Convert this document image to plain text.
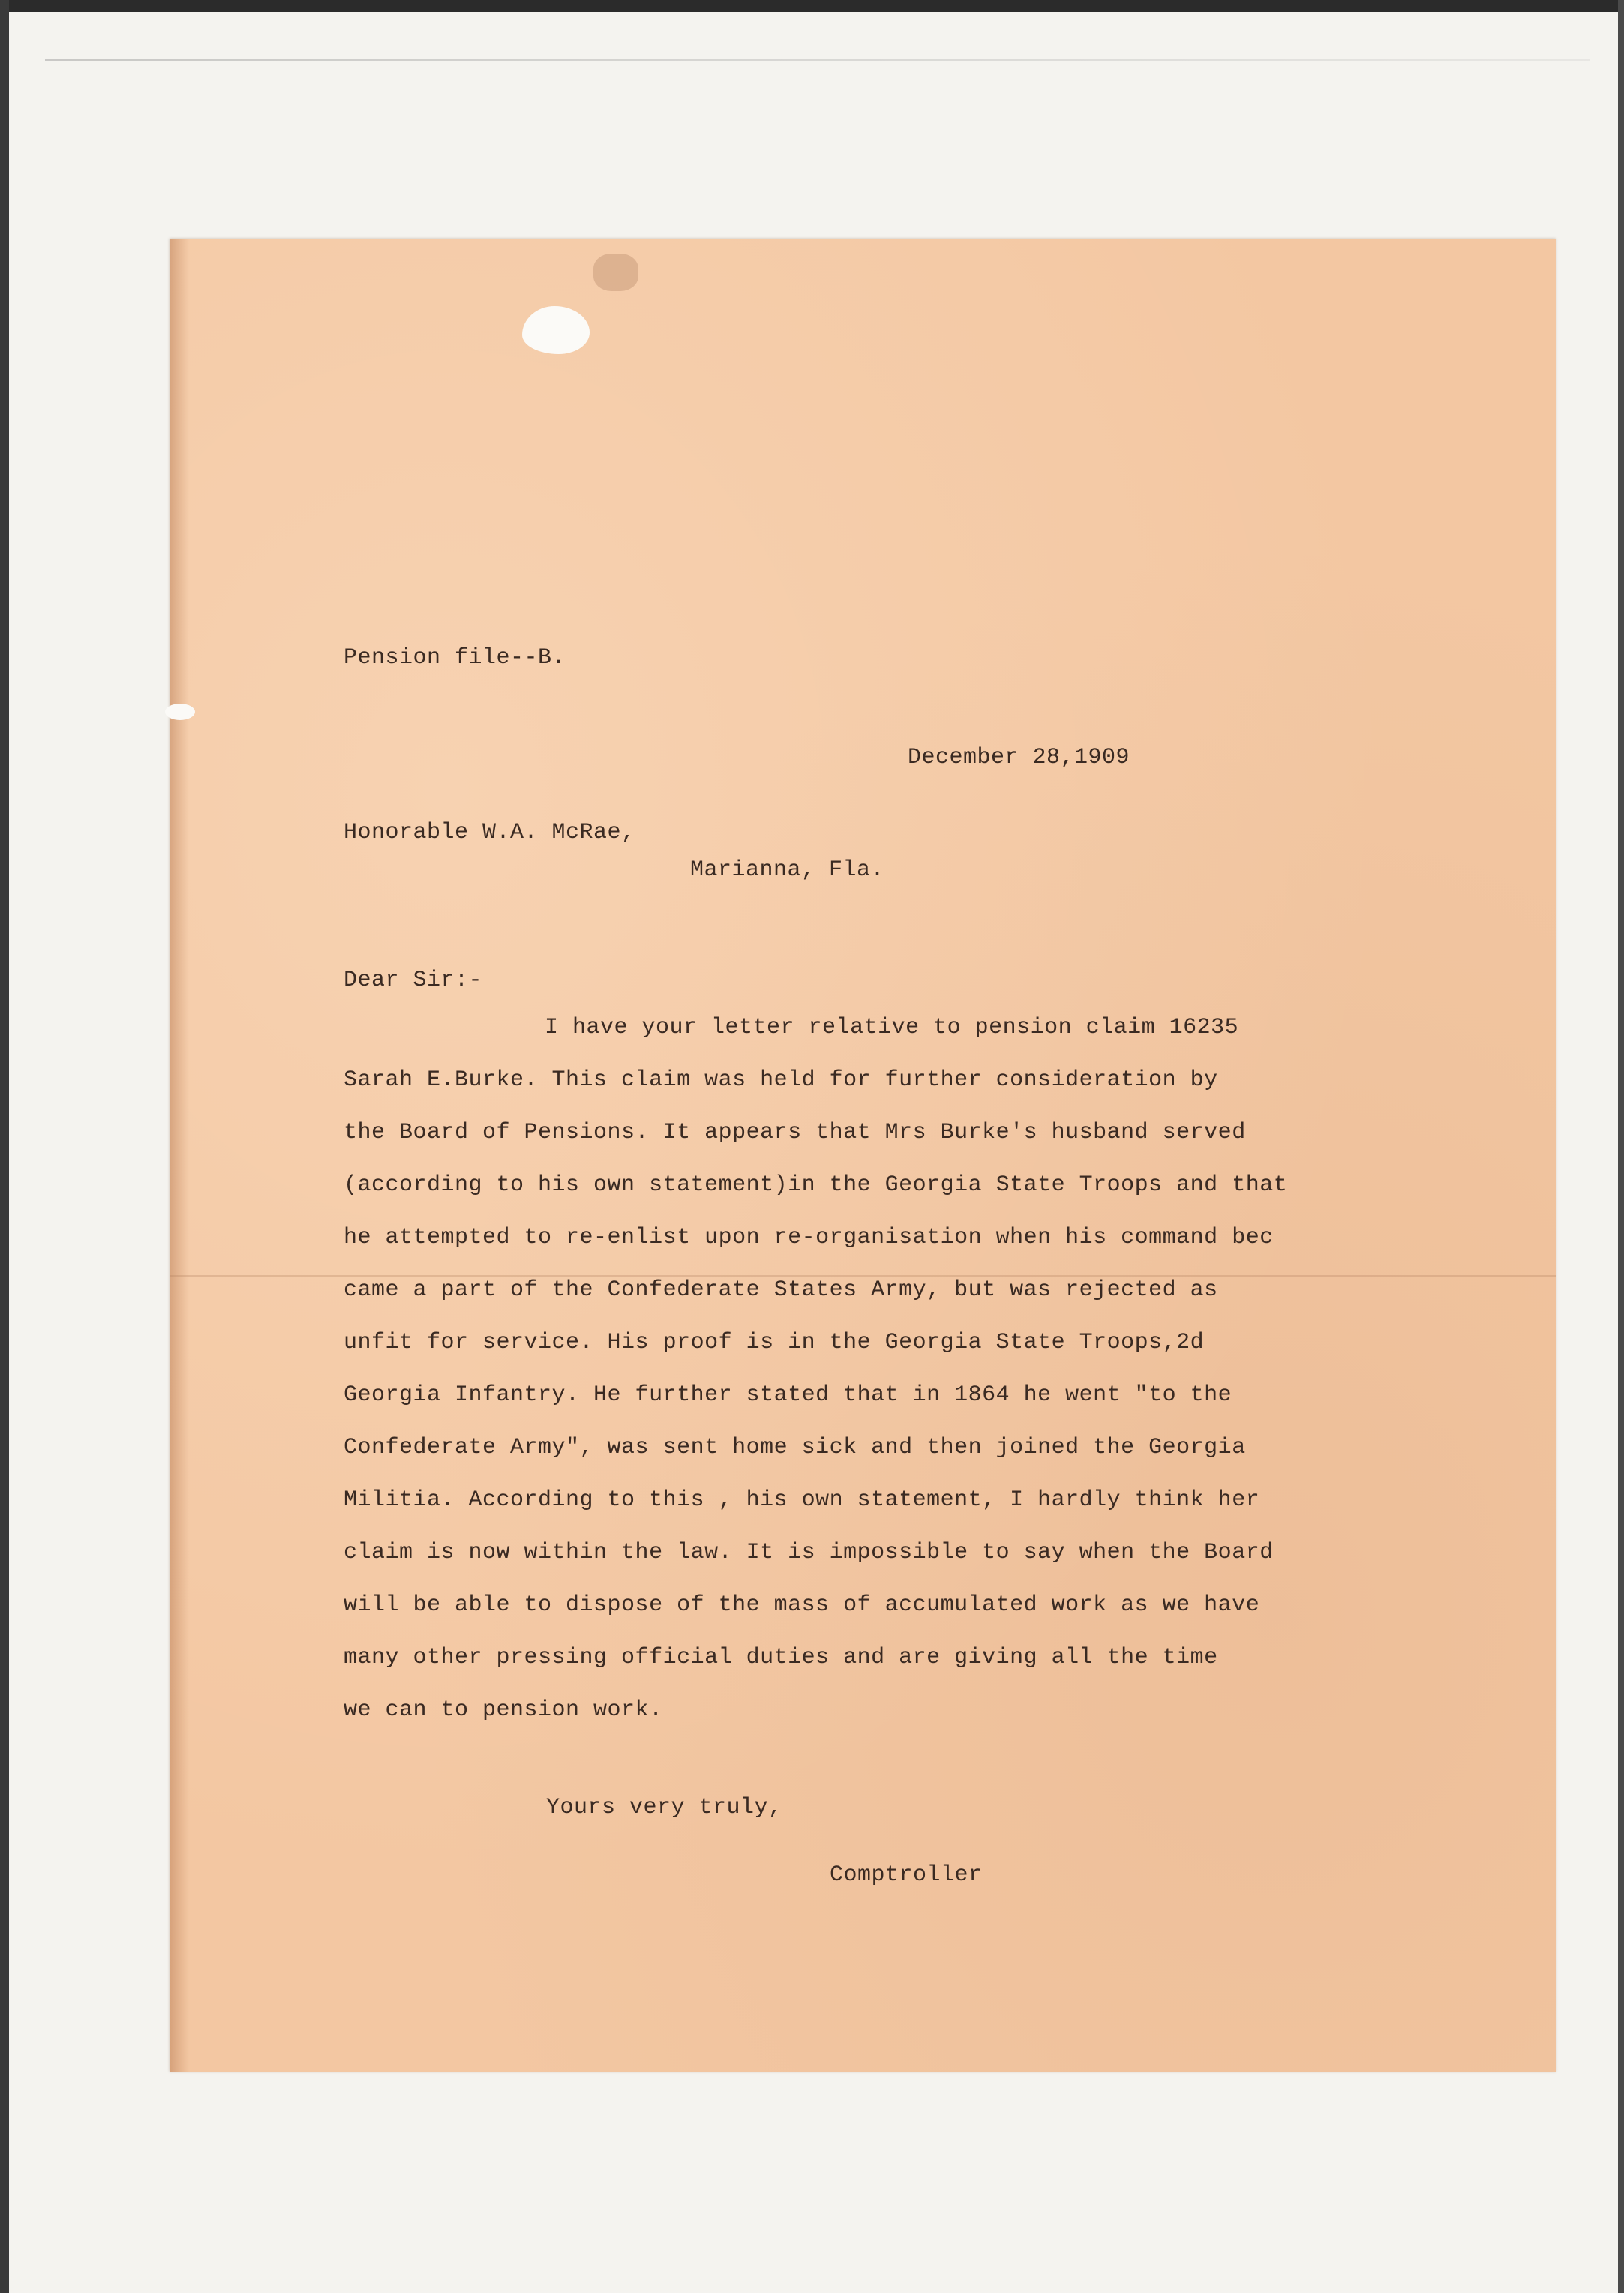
Pension file--B.
December 28,1909
Honorable W.A. McRae,
Marianna, Fla.
Dear Sir:-
I have your letter relative to pension claim 16235
Sarah E.Burke. This claim was held for further consideration by
the Board of Pensions. It appears that Mrs Burke's husband served
(according to his own statement)in the Georgia State Troops and that
he attempted to re-enlist upon re-organisation when his command bec
came a part of the Confederate States Army, but was rejected as
unfit for service. His proof is in the Georgia State Troops,2d
Georgia Infantry. He further stated that in 1864 he went "to the
Confederate Army", was sent home sick and then joined the Georgia
Militia. According to this , his own statement, I hardly think her
claim is now within the law. It is impossible to say when the Board
will be able to dispose of the mass of accumulated work as we have
many other pressing official duties and are giving all the time
we can to pension work.
Yours very truly,
Comptroller
